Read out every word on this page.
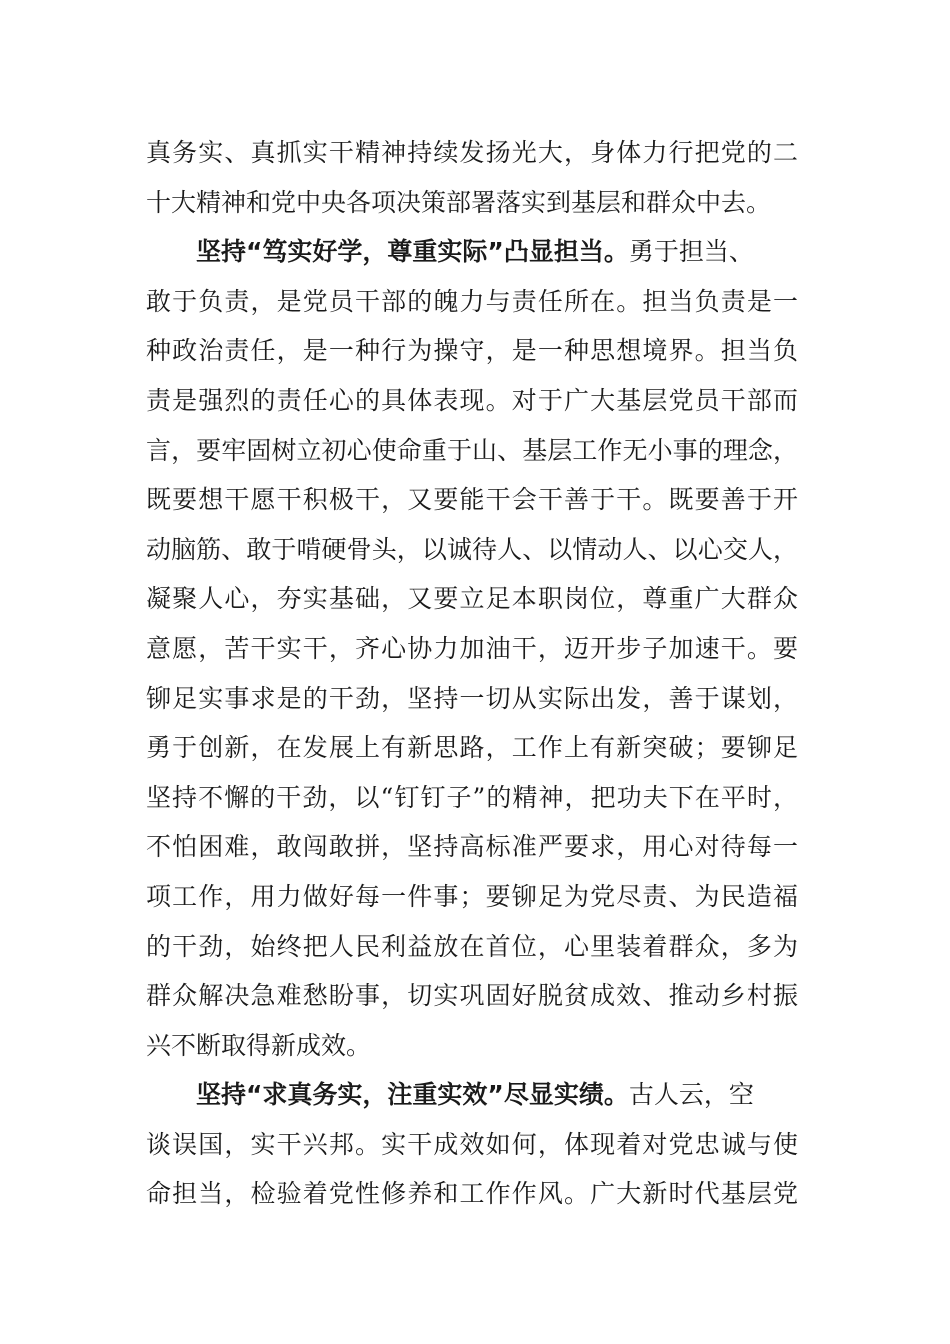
真务实、真抓实干精神持续发扬光大，身体力行把党的二
十大精神和党中央各项决策部署落实到基层和群众中去。
坚持“笃实好学，尊重实际”凸显担当。勇于担当、
敢于负责，是党员干部的魄力与责任所在。担当负责是一
种政治责任，是一种行为操守，是一种思想境界。担当负
责是强烈的责任心的具体表现。对于广大基层党员干部而
言，要牢固树立初心使命重于山、基层工作无小事的理念，
既要想干愿干积极干，又要能干会干善于干。既要善于开
动脑筋、敢于啃硬骨头，以诚待人、以情动人、以心交人，
凝聚人心，夯实基础，又要立足本职岗位，尊重广大群众
意愿，苦干实干，齐心协力加油干，迈开步子加速干。要
铆足实事求是的干劲，坚持一切从实际出发，善于谋划，
勇于创新，在发展上有新思路，工作上有新突破；要铆足
坚持不懈的干劲，以“钉钉子”的精神，把功夫下在平时，
不怕困难，敢闯敢拼，坚持高标准严要求，用心对待每一
项工作，用力做好每一件事；要铆足为党尽责、为民造福
的干劲，始终把人民利益放在首位，心里装着群众，多为
群众解决急难愁盼事，切实巩固好脱贫成效、推动乡村振
兴不断取得新成效。
坚持“求真务实，注重实效”尽显实绩。古人云，空
谈误国，实干兴邦。实干成效如何，体现着对党忠诚与使
命担当，检验着党性修养和工作作风。广大新时代基层党
